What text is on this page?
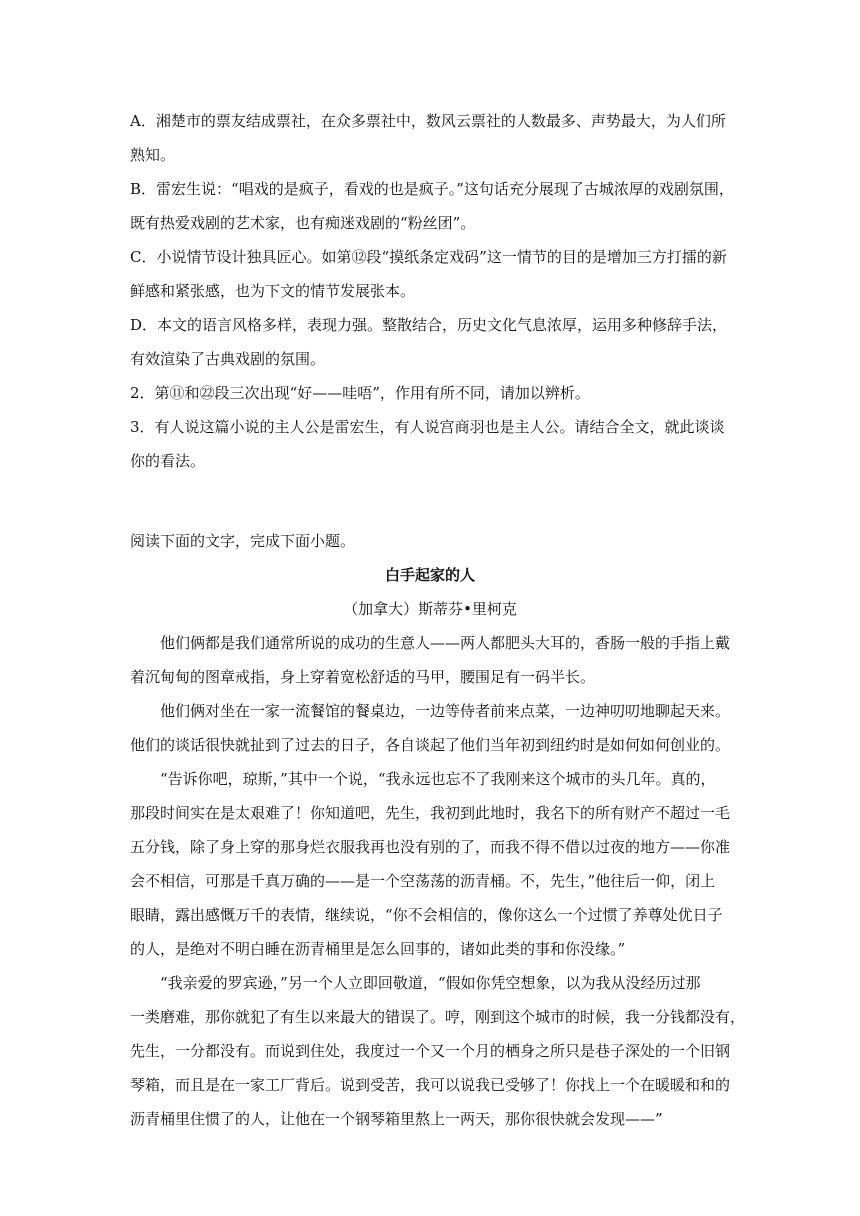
A．湘楚市的票友结成票社，在众多票社中，数风云票社的人数最多、声势最大，为人们所

熟知。

B．雷宏生说：“唱戏的是疯子，看戏的也是疯子。”这句话充分展现了古城浓厚的戏剧氛围，

既有热爱戏剧的艺术家，也有痴迷戏剧的“粉丝团”。

C．小说情节设计独具匠心。如第⑫段“摸纸条定戏码”这一情节的目的是增加三方打擂的新

鲜感和紧张感，也为下文的情节发展张本。

D．本文的语言风格多样，表现力强。整散结合，历史文化气息浓厚，运用多种修辞手法，

有效渲染了古典戏剧的氛围。

2．第⑪和㉒段三次出现“好——哇唔”，作用有所不同，请加以辨析。

3．有人说这篇小说的主人公是雷宏生，有人说宫商羽也是主人公。请结合全文，就此谈谈

你的看法。

阅读下面的文字，完成下面小题。

白手起家的人

（加拿大）斯蒂芬•里柯克

他们俩都是我们通常所说的成功的生意人——两人都肥头大耳的，香肠一般的手指上戴

着沉甸甸的图章戒指，身上穿着宽松舒适的马甲，腰围足有一码半长。

他们俩对坐在一家一流餐馆的餐桌边，一边等侍者前来点菜，一边神叨叨地聊起天来。

他们的谈话很快就扯到了过去的日子，各自谈起了他们当年初到纽约时是如何如何创业的。

“告诉你吧，琼斯，”其中一个说，“我永远也忘不了我刚来这个城市的头几年。真的，

那段时间实在是太艰难了！你知道吧，先生，我初到此地时，我名下的所有财产不超过一毛

五分钱，除了身上穿的那身烂衣服我再也没有别的了，而我不得不借以过夜的地方——你准

会不相信，可那是千真万确的——是一个空荡荡的沥青桶。不，先生，”他往后一仰，闭上

眼睛，露出感慨万千的表情，继续说，“你不会相信的，像你这么一个过惯了养尊处优日子

的人，是绝对不明白睡在沥青桶里是怎么回事的，诸如此类的事和你没缘。”

“我亲爱的罗宾逊，”另一个人立即回敬道，“假如你凭空想象，以为我从没经历过那

一类磨难，那你就犯了有生以来最大的错误了。哼，刚到这个城市的时候，我一分钱都没有，

先生，一分都没有。而说到住处，我度过一个又一个月的栖身之所只是巷子深处的一个旧钢

琴箱，而且是在一家工厂背后。说到受苦，我可以说我已受够了！你找上一个在暖暖和和的

沥青桶里住惯了的人，让他在一个钢琴箱里熬上一两天，那你很快就会发现——”
